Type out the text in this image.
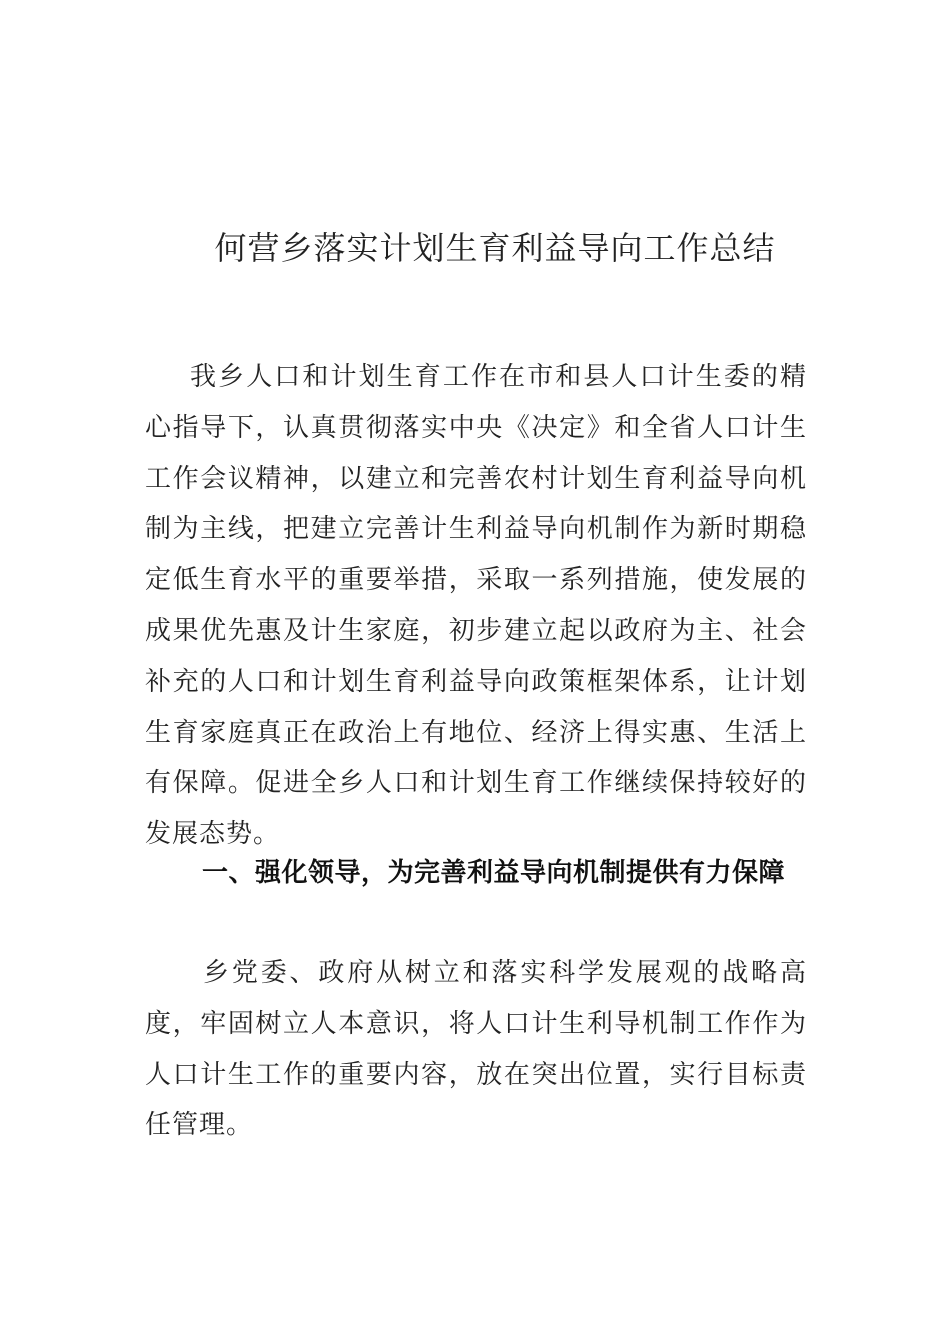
何营乡落实计划生育利益导向工作总结

我乡人口和计划生育工作在市和县人口计生委的精心指导下，认真贯彻落实中央《决定》和全省人口计生工作会议精神，以建立和完善农村计划生育利益导向机制为主线，把建立完善计生利益导向机制作为新时期稳定低生育水平的重要举措，采取一系列措施，使发展的成果优先惠及计生家庭，初步建立起以政府为主、社会补充的人口和计划生育利益导向政策框架体系，让计划生育家庭真正在政治上有地位、经济上得实惠、生活上有保障。促进全乡人口和计划生育工作继续保持较好的发展态势。

一、强化领导，为完善利益导向机制提供有力保障

乡党委、政府从树立和落实科学发展观的战略高度，牢固树立人本意识，将人口计生利导机制工作作为人口计生工作的重要内容，放在突出位置，实行目标责任管理。
